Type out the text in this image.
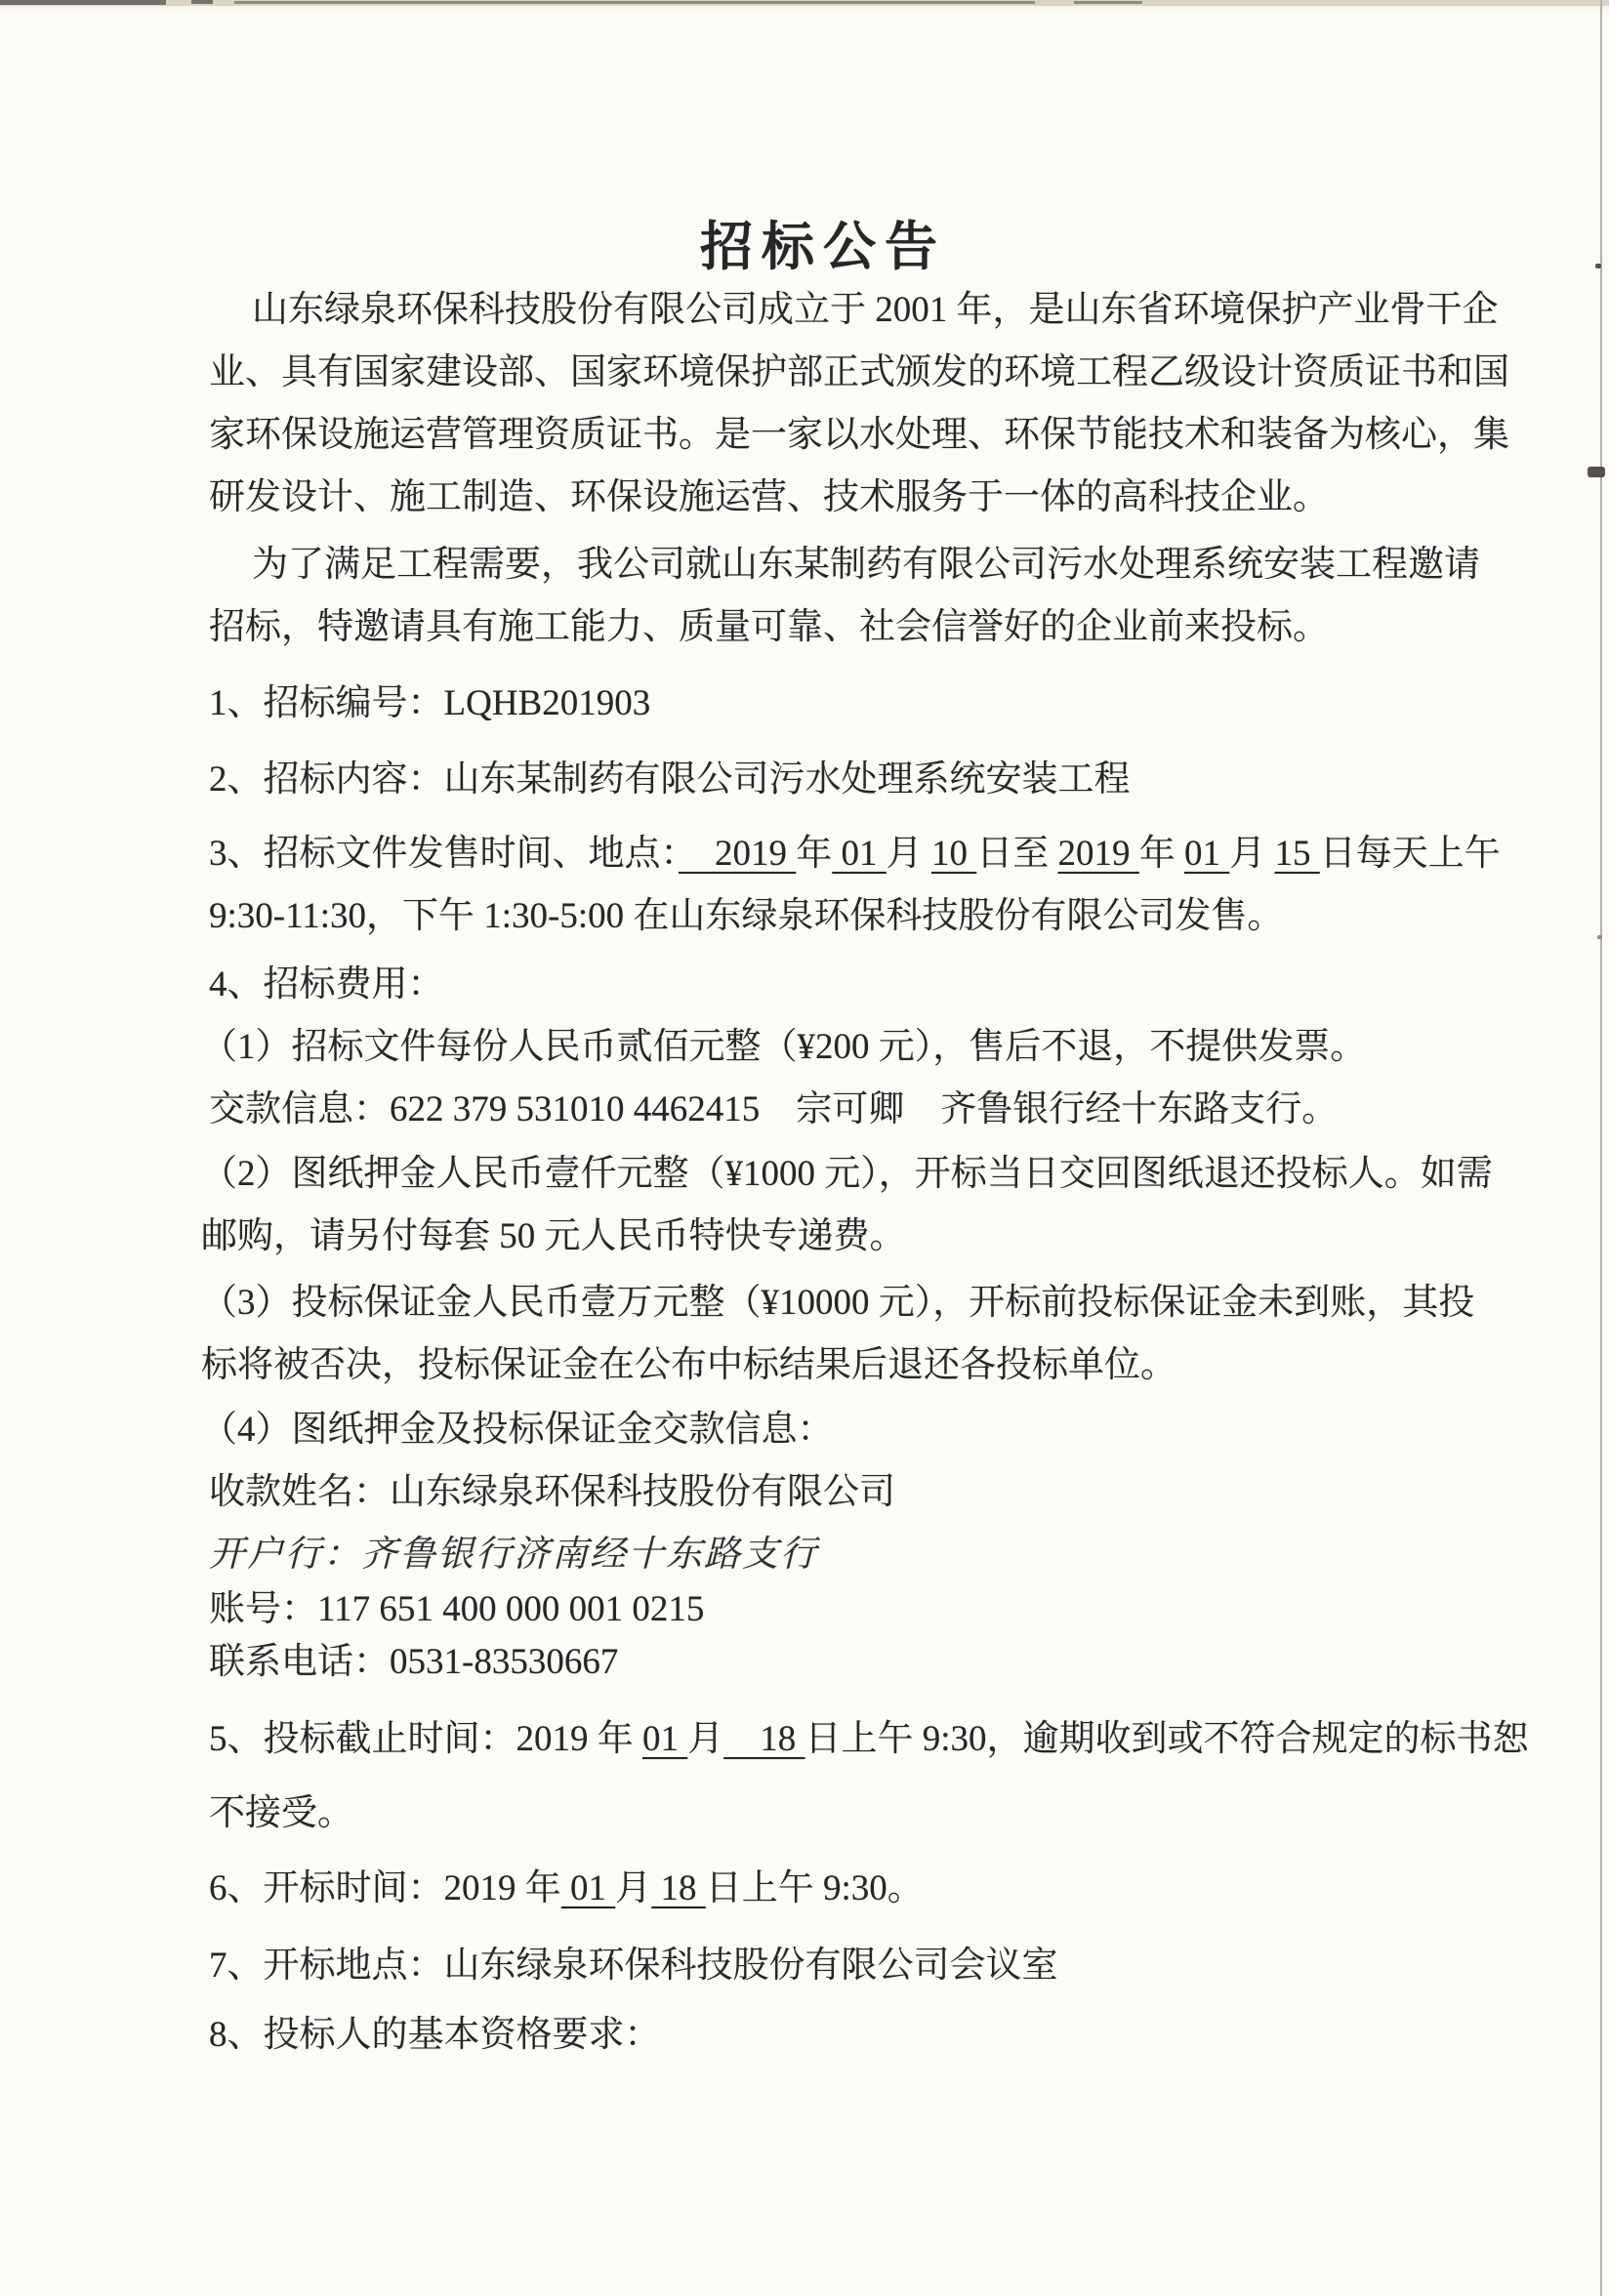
招标公告
山东绿泉环保科技股份有限公司成立于 2001 年，是山东省环境保护产业骨干企
业、具有国家建设部、国家环境保护部正式颁发的环境工程乙级设计资质证书和国
家环保设施运营管理资质证书。是一家以水处理、环保节能技术和装备为核心，集
研发设计、施工制造、环保设施运营、技术服务于一体的高科技企业。
为了满足工程需要，我公司就山东某制药有限公司污水处理系统安装工程邀请
招标，特邀请具有施工能力、质量可靠、社会信誉好的企业前来投标。
1、招标编号：LQHB201903
2、招标内容：山东某制药有限公司污水处理系统安装工程
3、招标文件发售时间、地点：　2019 年 01 月 10 日至 2019 年 01 月 15 日每天上午
9:30-11:30，下午 1:30-5:00 在山东绿泉环保科技股份有限公司发售。
4、招标费用：
（1）招标文件每份人民币贰佰元整（¥200 元），售后不退，不提供发票。
交款信息：622 379 531010 4462415　宗可卿　齐鲁银行经十东路支行。
（2）图纸押金人民币壹仟元整（¥1000 元），开标当日交回图纸退还投标人。如需
邮购，请另付每套 50 元人民币特快专递费。
（3）投标保证金人民币壹万元整（¥10000 元），开标前投标保证金未到账，其投
标将被否决，投标保证金在公布中标结果后退还各投标单位。
（4）图纸押金及投标保证金交款信息：
收款姓名：山东绿泉环保科技股份有限公司
开户行：齐鲁银行济南经十东路支行
账号：117 651 400 000 001 0215
联系电话：0531-83530667
5、投标截止时间：2019 年 01 月　18 日上午 9:30，逾期收到或不符合规定的标书恕
不接受。
6、开标时间：2019 年 01 月 18 日上午 9:30。
7、开标地点：山东绿泉环保科技股份有限公司会议室
8、投标人的基本资格要求：
